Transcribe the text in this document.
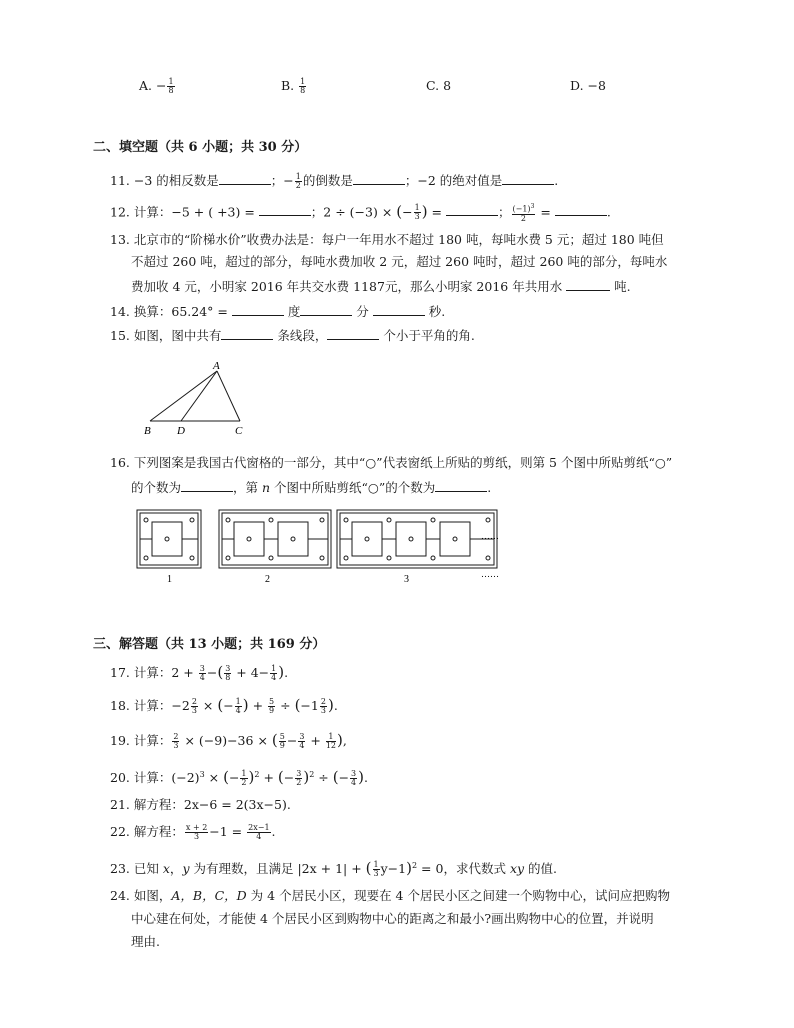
A. − $\frac{1}{8}$	B. $\frac{1}{8}$	C. 8	D. −8
二、填空题（共 6 小题；共 30 分）
11. −3 的相反数是	；− $\frac{1}{2}$ 的倒数是	；−2 的绝对值是	.
12. 计算：−5 + ( +3) =	；2 ÷ (−3) × (− $\frac{1}{3}$ ) =	； $\frac{(-1)^3}{2}$ =	.
13. 北京市的“阶梯水价”收费办法是：每户一年用水不超过 180 吨，每吨水费 5 元；超过 180 吨但
不超过 260 吨，超过的部分，每吨水费加收 2 元，超过 260 吨时，超过 260 吨的部分，每吨水
费加收 4 元，小明家 2016 年共交水费 1187元，那么小明家 2016 年共用水	吨.
14. 换算：65.24° =	度	分	秒.
15. 如图，图中共有	条线段，	个小于平角的角.
A
B D	C
16. 下列图案是我国古代窗格的一部分，其中“○”代表窗纸上所贴的剪纸，则第 5 个图中所贴剪纸“○”
的个数为	，第 n 个图中所贴剪纸“○”的个数为	.
1	2	3
……
……
三、解答题（共 13 小题；共 169 分）
17. 计算：$2 + \frac{3}{4}$ −( $\frac{3}{8} + 4- \frac{1}{4}$ ).
18. 计算：$-2 \frac{2}{3}$ × (− $\frac{1}{4}$ ) + $\frac{5}{9} \div (-1 \frac{2}{3}$ ).
19. 计算： $\frac{2}{3} \times (-9)-36$ × ( $\frac{5}{9} - \frac{3}{4} + \frac{1}{12}$ ),
20. 计算：$(-2)^3$ × (− $\frac{1}{2} )^2$ + (− $\frac{3}{2} )^2$ ÷ (− $\frac{3}{4}$ ).
21. 解方程：2x−6 = 2(3x−5).
22. 解方程： $\frac{x + 2}{3} -1 = \frac{2x-1}{4}$ .
23. 已知 x，y 为有理数，且满足 |2x + 1| + ( $\frac{1}{3} y-1)^2 = 0$，求代数式 xy 的值.
24. 如图，A，B，C，D 为 4 个居民小区，现要在 4 个居民小区之间建一个购物中心，试问应把购物
中心建在何处，才能使 4 个居民小区到购物中心的距离之和最小?画出购物中心的位置，并说明
理由.
